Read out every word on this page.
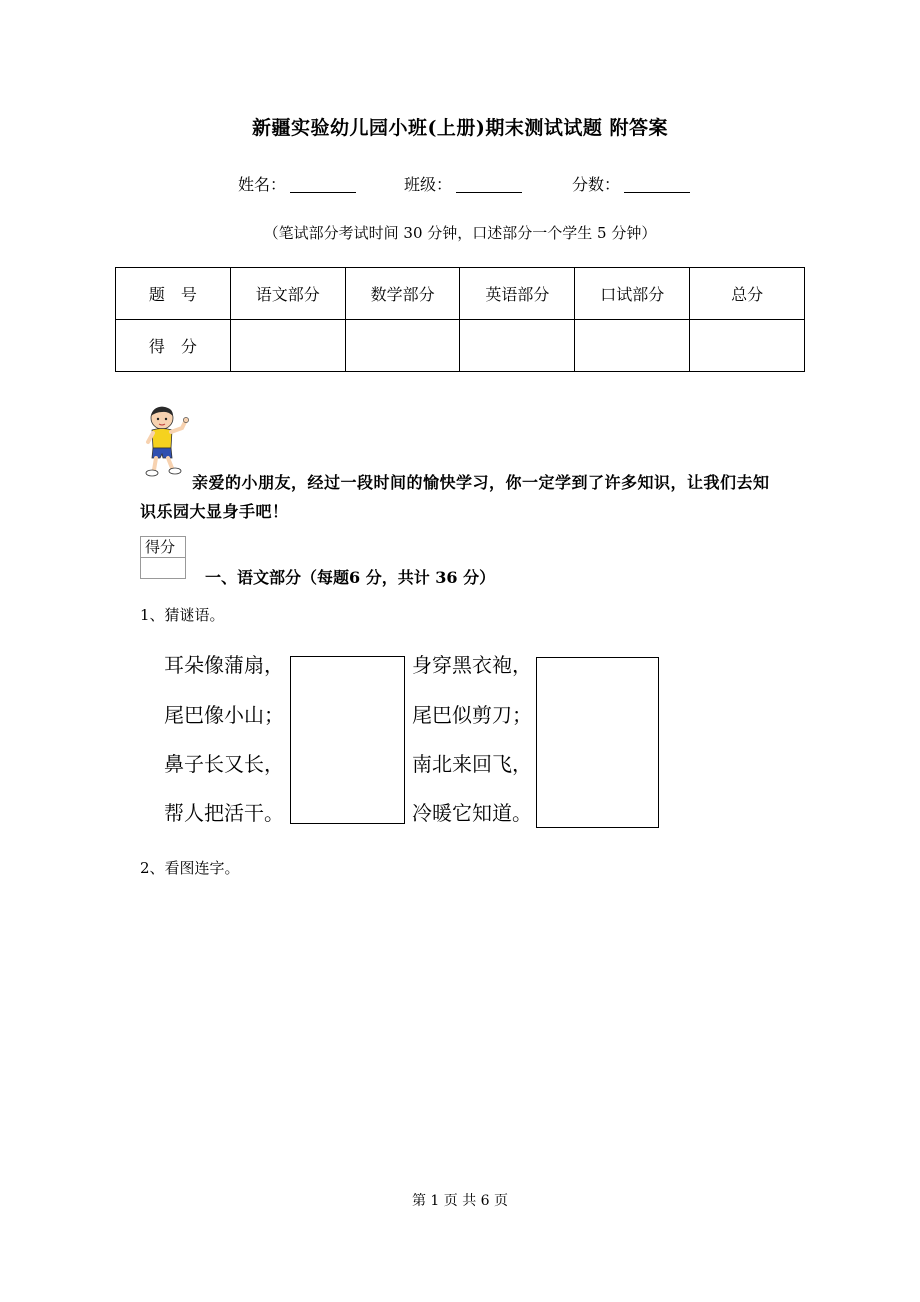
新疆实验幼儿园小班(上册)期末测试试题 附答案
姓名：	班级：	分数：
（笔试部分考试时间 30 分钟，口述部分一个学生 5 分钟）
题　号	语文部分	数学部分	英语部分	口试部分	总分
得　分					
亲爱的小朋友，经过一段时间的愉快学习，你一定学到了许多知识，让我们去知识乐园大显身手吧！
得分
一、语文部分（每题6 分，共计 36 分）
1、猜谜语。
耳朵像蒲扇，
尾巴像小山；
鼻子长又长，
帮人把活干。
身穿黑衣袍，
尾巴似剪刀；
南北来回飞，
冷暖它知道。
2、看图连字。
第 1 页 共 6 页
